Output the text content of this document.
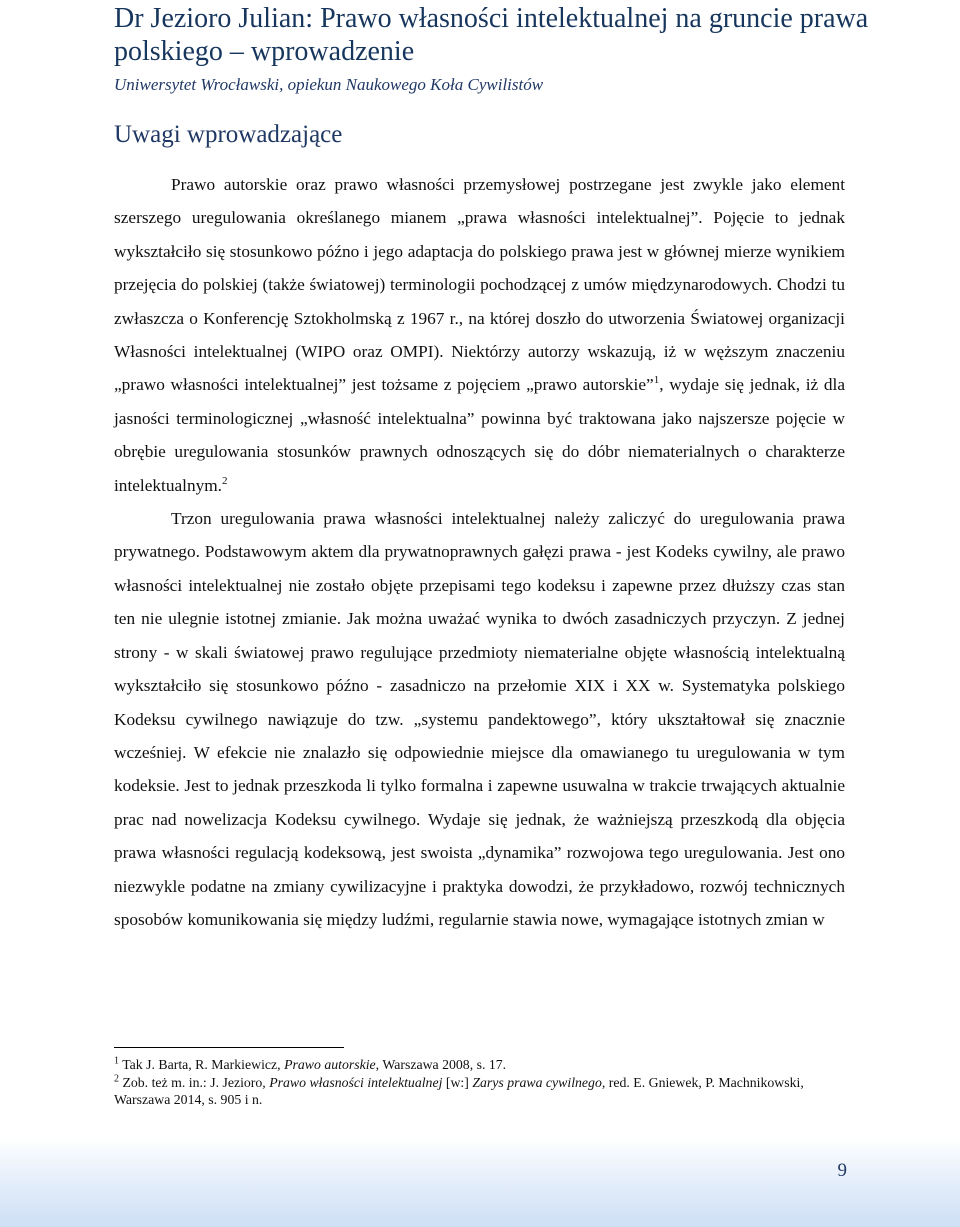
Dr Jezioro Julian: Prawo własności intelektualnej na gruncie prawa polskiego – wprowadzenie
Uniwersytet Wrocławski, opiekun Naukowego Koła Cywilistów
Uwagi wprowadzające

Prawo autorskie oraz prawo własności przemysłowej postrzegane jest zwykle jako element szerszego uregulowania określanego mianem „prawa własności intelektualnej”. Pojęcie to jednak wykształciło się stosunkowo późno i jego adaptacja do polskiego prawa jest w głównej mierze wynikiem przejęcia do polskiej (także światowej) terminologii pochodzącej z umów międzynarodowych. Chodzi tu zwłaszcza o Konferencję Sztokholmską z 1967 r., na której doszło do utworzenia Światowej organizacji Własności intelektualnej (WIPO oraz OMPI). Niektórzy autorzy wskazują, iż w węższym znaczeniu „prawo własności intelektualnej” jest tożsame z pojęciem „prawo autorskie”$^1$, wydaje się jednak, iż dla jasności terminologicznej „własność intelektualna” powinna być traktowana jako najszersze pojęcie w obrębie uregulowania stosunków prawnych odnoszących się do dóbr niematerialnych o charakterze intelektualnym.$^2$

Trzon uregulowania prawa własności intelektualnej należy zaliczyć do uregulowania prawa prywatnego. Podstawowym aktem dla prywatnoprawnych gałęzi prawa - jest Kodeks cywilny, ale prawo własności intelektualnej nie zostało objęte przepisami tego kodeksu i zapewne przez dłuższy czas stan ten nie ulegnie istotnej zmianie. Jak można uważać wynika to dwóch zasadniczych przyczyn. Z jednej strony - w skali światowej prawo regulujące przedmioty niematerialne objęte własnością intelektualną wykształciło się stosunkowo późno - zasadniczo na przełomie XIX i XX w. Systematyka polskiego Kodeksu cywilnego nawiązuje do tzw. „systemu pandektowego”, który ukształtował się znacznie wcześniej. W efekcie nie znalazło się odpowiednie miejsce dla omawianego tu uregulowania w tym kodeksie. Jest to jednak przeszkoda li tylko formalna i zapewne usuwalna w trakcie trwających aktualnie prac nad nowelizacja Kodeksu cywilnego. Wydaje się jednak, że ważniejszą przeszkodą dla objęcia prawa własności regulacją kodeksową, jest swoista „dynamika” rozwojowa tego uregulowania. Jest ono niezwykle podatne na zmiany cywilizacyjne i praktyka dowodzi, że przykładowo, rozwój technicznych sposobów komunikowania się między ludźmi, regularnie stawia nowe, wymagające istotnych zmian w

$^1$ Tak J. Barta, R. Markiewicz, Prawo autorskie, Warszawa 2008, s. 17.

$^2$ Zob. też m. in.: J. Jezioro, Prawo własności intelektualnej [w:] Zarys prawa cywilnego, red. E. Gniewek, P. Machnikowski, Warszawa 2014, s. 905 i n.

9
